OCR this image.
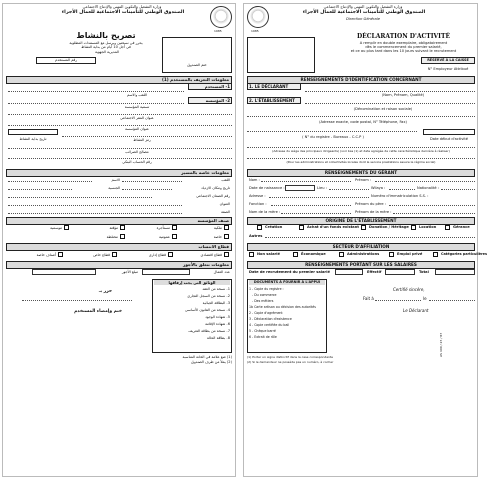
وزارة التشغيل والتكوين المهني والإدماج الاجتماعي
الصندوق الوطني للتأمينات الاجتماعية للعمال الأجراء
1985
تصريح بالنشاط
يحرر في نسختين ويرسل مع المستندات المطلوبة
في أجل 10 أيام من بداية النشاط
المديرية الجهوية
ختم الصندوق
رقم المستخدم
معلومات التعريف بالمستخدم (1)
1- المستخدم
2- المؤسسة
اللقب والاسم
تسمية المؤسسة
عنوان المقر الاجتماعي
عنوان المؤسسة
رمز النشاط
تاريخ بداية النشاط
مصالح الضرائب
رقم الحساب البنكي
معلومات خاصة بالمسير
اللقب
الاسم
تاريخ ومكان الازدياد
الجنسية
رقم الضمان الاجتماعي
العنوان
الصفة
صنف المؤسسة
ملكية
مستأجرة
مؤقتة
موسمية
خاصة
عمومية
مختلطة
قطاع الانتساب
قطاع اقتصادي
قطاع إداري
قطاع خاص
أصناف خاصة
معلومات تتعلق بالأجور
عدد العمال
مبلغ الأجور
الوثائق التي يجب إرفاقها
1- نسخة من العقد
2- نسخة من السجل التجاري
3- البطاقة الجبائية
4- نسخة من القانون الأساسي
5- شهادة الوجود
6- شهادة الإقامة
7- نسخة من بطاقة التعريف
8- بطاقة الحالة
حرر بـ
ختم وإمضاء المستخدم
(1) ضع علامة في الخانة المناسبة
(2) يملأ من طرف الصندوق
1985
وزارة التشغيل والتكوين المهني والإدماج الاجتماعي
الصندوق الوطني للتأمينات الاجتماعية للعمال الأجراء
Direction Générale
DÉCLARATION D'ACTIVITÉ
A remplir en double exemplaire, obligatoirement
dès le commencement du premier salarié,
et ce au plus tard dans les 10 jours suivant le recrutement
RÉSERVÉ À LA CAISSE
N° Employeur Attribué
RENSEIGNEMENTS D'IDENTIFICATION CONCERNANT
1. LE DÉCLARANT
2. L'ÉTABLISSEMENT
(Nom, Prénom, Qualité)
(Dénomination et raison sociale)
(Adresse exacte, code postal, N° Téléphone, Fax)
( N° du registre - Bureaux - C.C.P )	Date début d'activité
(Adresse du siège des principaux dirigeants) (voir bas (1) et date agrégée de cette caractéristique dernière à réaliser)
(Pour les administrations et collectivités locales dont le service prestations assure le régime social)
RENSEIGNEMENTS DU GÉRANT
Nom :	Prénom :
Date de naissance :	Lieu :	Wilaya :	Nationalité :
Adresse :	Numéro d'immatriculation S.S. :
Fonction :	Prénom du père :
Nom de la mère :	Prénom de la mère :
ORIGINE DE L'ÉTABLISSEMENT
Création	Achat d'un fonds existant	Donation / Héritage	Location	Gérance
Autres
SECTEUR D'AFFILIATION
Non salarié	Économique	Administrations	Emploi privé	Catégories particulières
RENSEIGNEMENTS PORTANT SUR LES SALAIRES
Date de recrutement du premier salarié	Effectif	Total
DOCUMENTS À FOURNIR À L'APPUI
1 - Copie du registre :
- Du commerce
- Des métiers
1b Carte artisan ou décision des autorités
2 - Copie d'agrément
3 - Déclaration d'existence
4 - Copie certifiée du bail
5 - Chèque barré
6 - Extrait de rôle
Certifié sincère,
Fait à	le
Le Déclarant
(1) Porter un signe distinctif dans la case correspondante
(2) Si le demandeur ne possède pas un numéro, à cocher
AS 400 / 25 / 87
